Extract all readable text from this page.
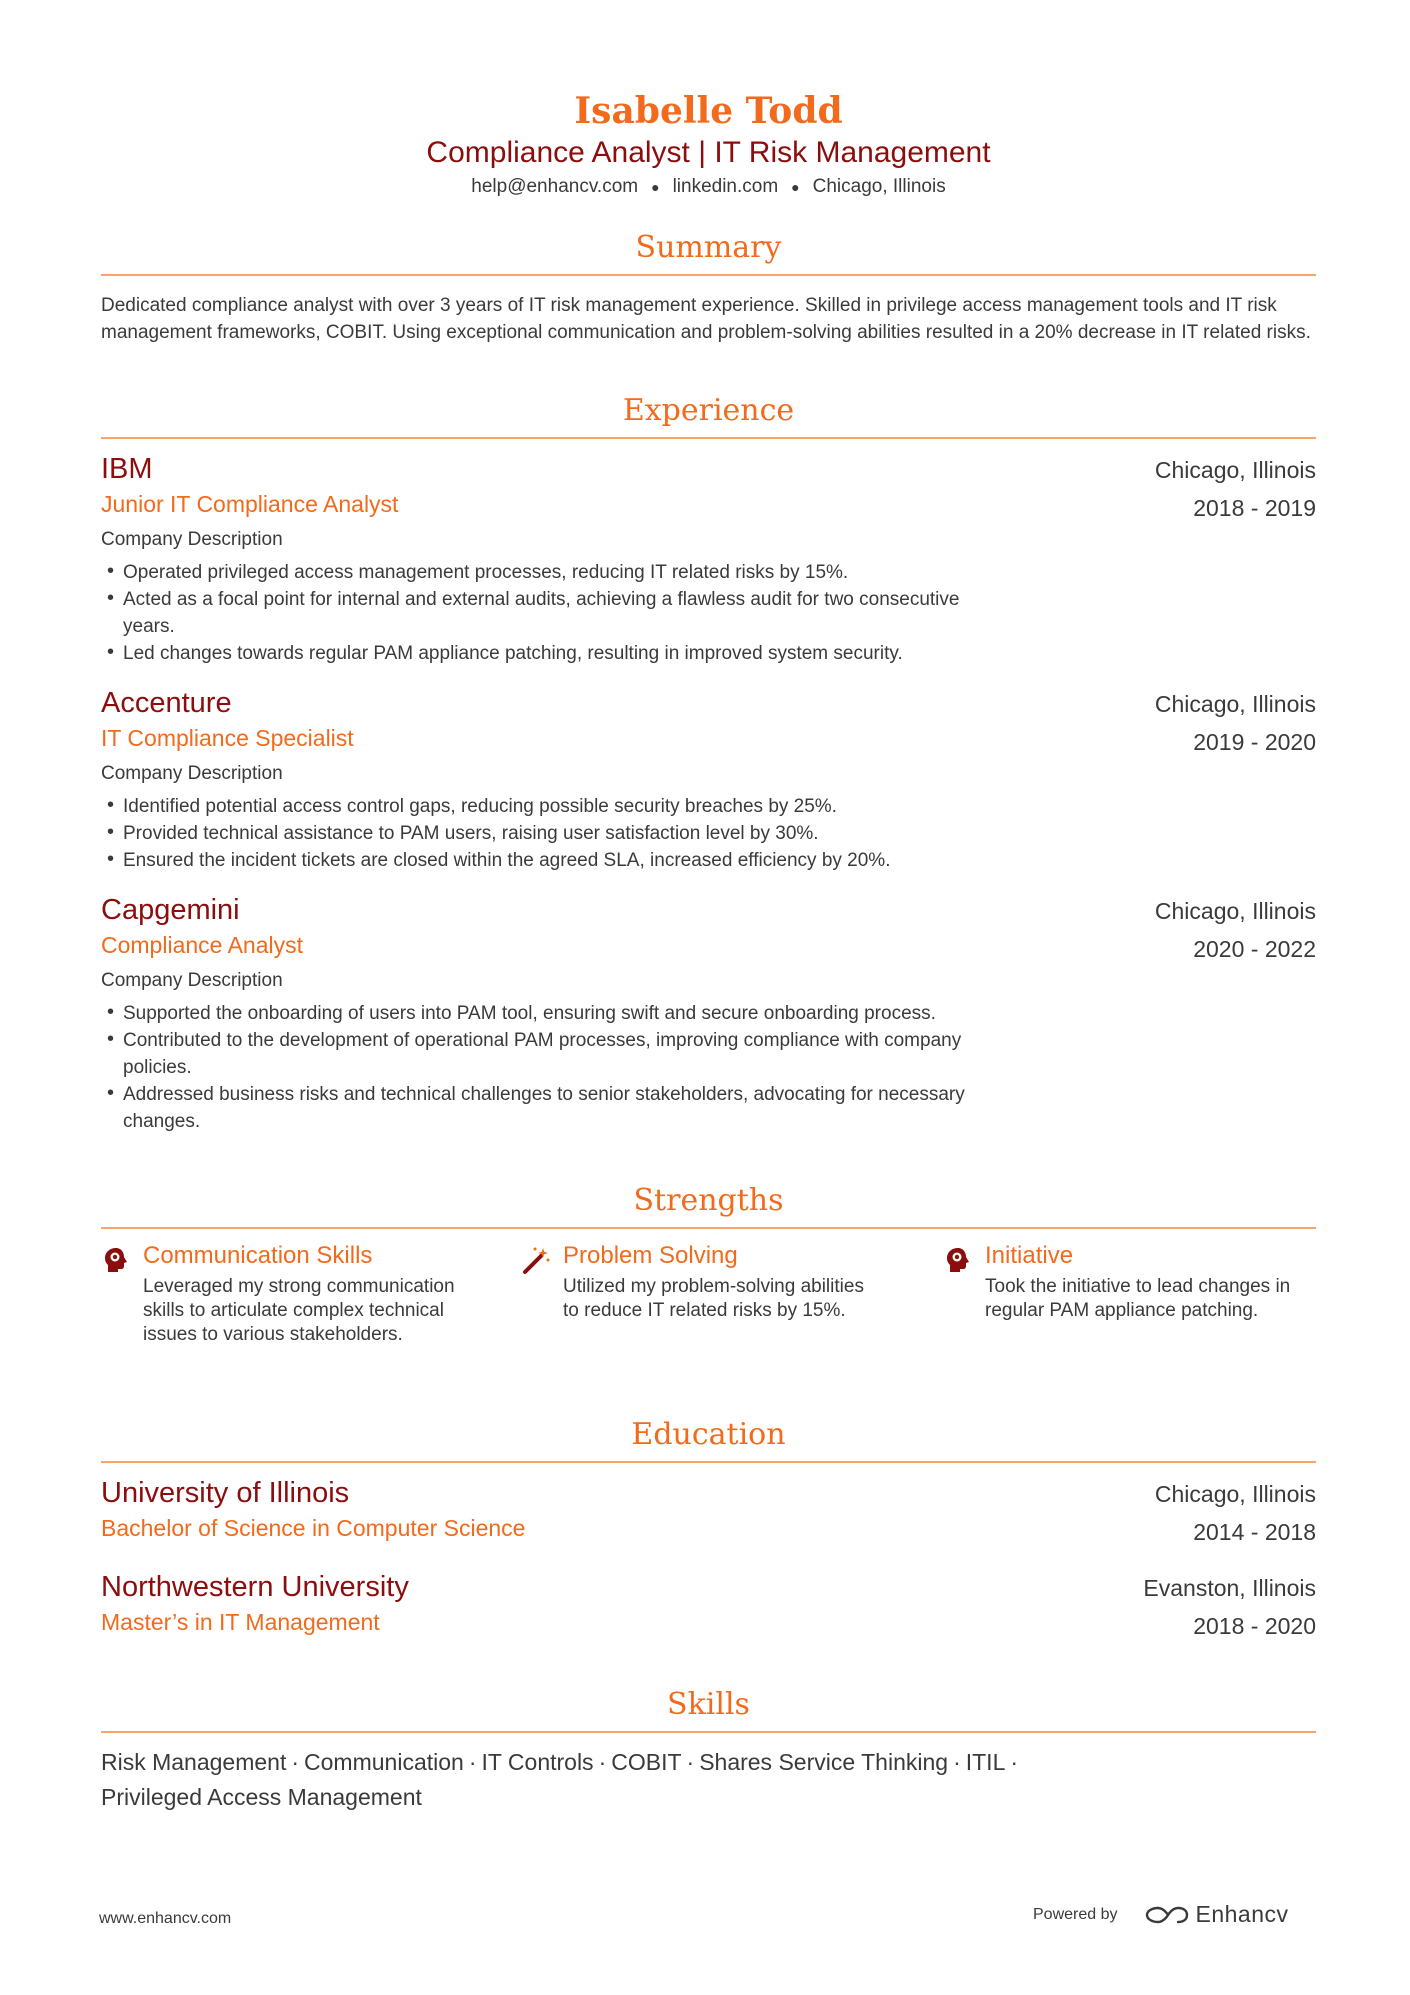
Isabelle Todd
Compliance Analyst | IT Risk Management
help@enhancv.com ● linkedin.com ● Chicago, Illinois
Summary
Dedicated compliance analyst with over 3 years of IT risk management experience. Skilled in privilege access management tools and IT risk management frameworks, COBIT. Using exceptional communication and problem-solving abilities resulted in a 20% decrease in IT related risks.
Experience
IBM
Junior IT Compliance Analyst
Company Description
• Operated privileged access management processes, reducing IT related risks by 15%.
• Acted as a focal point for internal and external audits, achieving a flawless audit for two consecutive years.
• Led changes towards regular PAM appliance patching, resulting in improved system security.
Chicago, Illinois
2018 - 2019
Accenture
IT Compliance Specialist
Company Description
• Identified potential access control gaps, reducing possible security breaches by 25%.
• Provided technical assistance to PAM users, raising user satisfaction level by 30%.
• Ensured the incident tickets are closed within the agreed SLA, increased efficiency by 20%.
Chicago, Illinois
2019 - 2020
Capgemini
Compliance Analyst
Company Description
• Supported the onboarding of users into PAM tool, ensuring swift and secure onboarding process.
• Contributed to the development of operational PAM processes, improving compliance with company policies.
• Addressed business risks and technical challenges to senior stakeholders, advocating for necessary changes.
Chicago, Illinois
2020 - 2022
Strengths
Communication Skills
Leveraged my strong communication skills to articulate complex technical issues to various stakeholders.
Problem Solving
Utilized my problem-solving abilities to reduce IT related risks by 15%.
Initiative
Took the initiative to lead changes in regular PAM appliance patching.
Education
University of Illinois
Bachelor of Science in Computer Science
Chicago, Illinois
2014 - 2018
Northwestern University
Master’s in IT Management
Evanston, Illinois
2018 - 2020
Skills
Risk Management · Communication · IT Controls · COBIT · Shares Service Thinking · ITIL ·
Privileged Access Management
www.enhancv.com	Powered by	Enhancv
